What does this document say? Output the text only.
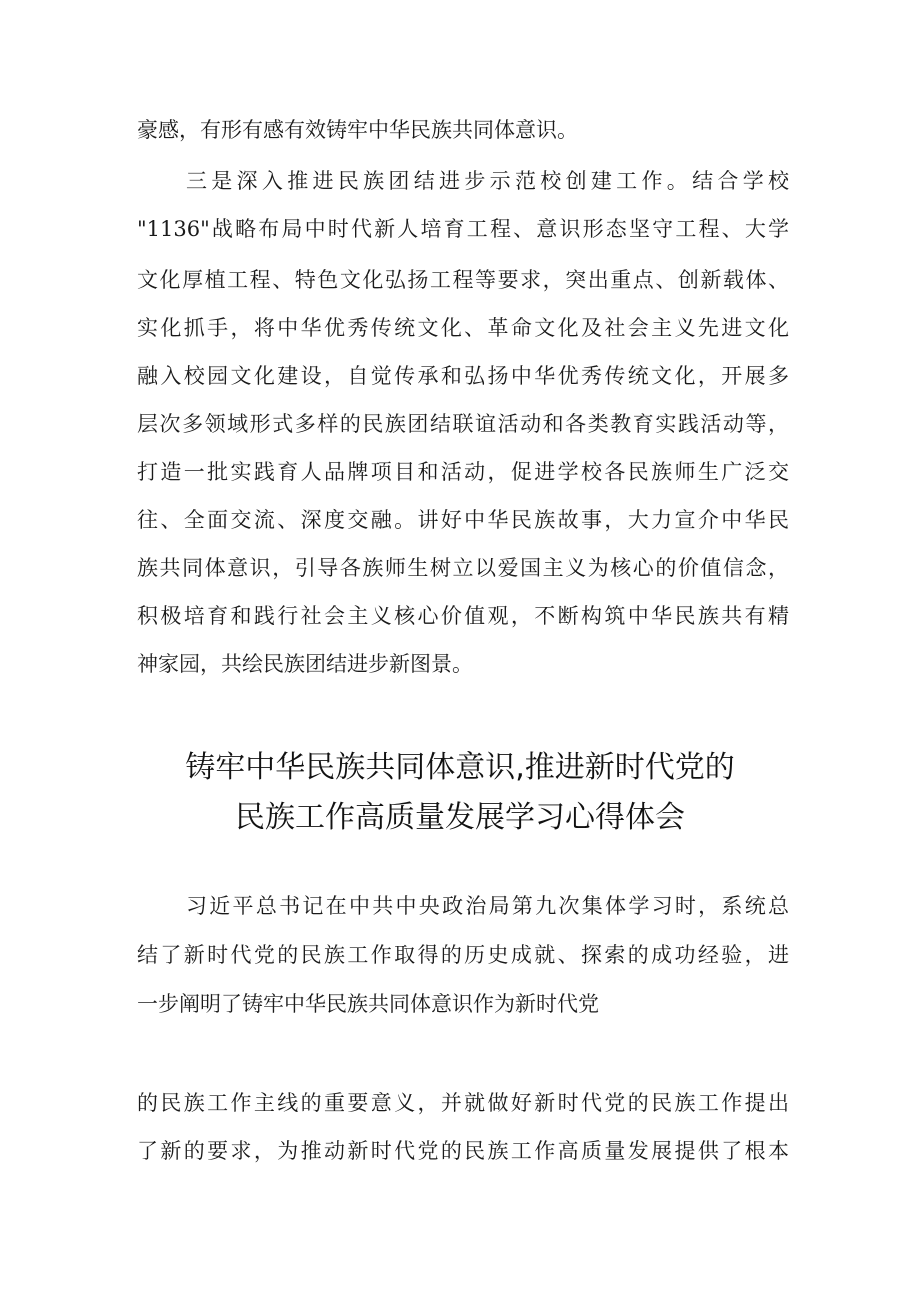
豪感，有形有感有效铸牢中华民族共同体意识。
三是深入推进民族团结进步示范校创建工作。结合学校
"1136"战略布局中时代新人培育工程、意识形态坚守工程、大学
文化厚植工程、特色文化弘扬工程等要求，突出重点、创新载体、
实化抓手，将中华优秀传统文化、革命文化及社会主义先进文化
融入校园文化建设，自觉传承和弘扬中华优秀传统文化，开展多
层次多领域形式多样的民族团结联谊活动和各类教育实践活动等，
打造一批实践育人品牌项目和活动，促进学校各民族师生广泛交
往、全面交流、深度交融。讲好中华民族故事，大力宣介中华民
族共同体意识，引导各族师生树立以爱国主义为核心的价值信念，
积极培育和践行社会主义核心价值观，不断构筑中华民族共有精
神家园，共绘民族团结进步新图景。
铸牢中华民族共同体意识,推进新时代党的
民族工作高质量发展学习心得体会
习近平总书记在中共中央政治局第九次集体学习时，系统总
结了新时代党的民族工作取得的历史成就、探索的成功经验，进
一步阐明了铸牢中华民族共同体意识作为新时代党
的民族工作主线的重要意义，并就做好新时代党的民族工作提出
了新的要求，为推动新时代党的民族工作高质量发展提供了根本
